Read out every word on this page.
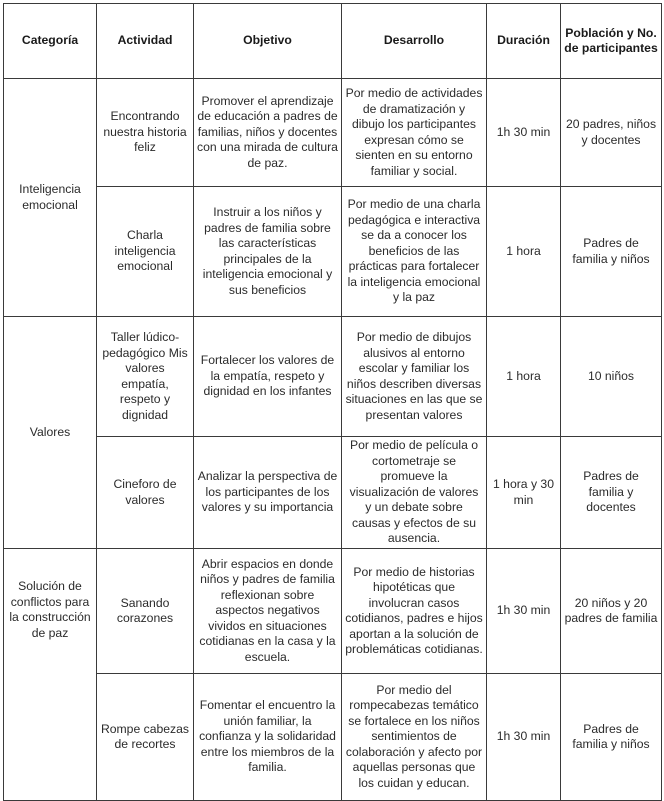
Categoría	Actividad	Objetivo	Desarrollo	Duración	Población y No. de participantes

Inteligencia emocional	Encontrando nuestra historia feliz	Promover el aprendizaje de educación a padres de familias, niños y docentes con una mirada de cultura de paz.	Por medio de actividades de dramatización y dibujo los participantes expresan cómo se sienten en su entorno familiar y social.	1h 30 min	20 padres, niños y docentes
	Charla inteligencia emocional	Instruir a los niños y padres de familia sobre las características principales de la inteligencia emocional y sus beneficios	Por medio de una charla pedagógica e interactiva se da a conocer los beneficios de las prácticas para fortalecer la inteligencia emocional y la paz	1 hora	Padres de familia y niños

Valores	Taller lúdico-pedagógico Mis valores empatía, respeto y dignidad	Fortalecer los valores de la empatía, respeto y dignidad en los infantes	Por medio de dibujos alusivos al entorno escolar y familiar los niños describen diversas situaciones en las que se presentan valores	1 hora	10 niños
	Cineforo de valores	Analizar la perspectiva de los participantes de los valores y su importancia	Por medio de película o cortometraje se promueve la visualización de valores y un debate sobre causas y efectos de su ausencia.	1 hora y 30 min	Padres de familia y docentes

Solución de conflictos para la construcción de paz	Sanando corazones	Abrir espacios en donde niños y padres de familia reflexionan sobre aspectos negativos vividos en situaciones cotidianas en la casa y la escuela.	Por medio de historias hipotéticas que involucran casos cotidianos, padres e hijos aportan a la solución de problemáticas cotidianas.	1h 30 min	20 niños y 20 padres de familia
	Rompe cabezas de recortes	Fomentar el encuentro la unión familiar, la confianza y la solidaridad entre los miembros de la familia.	Por medio del rompecabezas temático se fortalece en los niños sentimientos de colaboración y afecto por aquellas personas que los cuidan y educan.	1h 30 min	Padres de familia y niños
